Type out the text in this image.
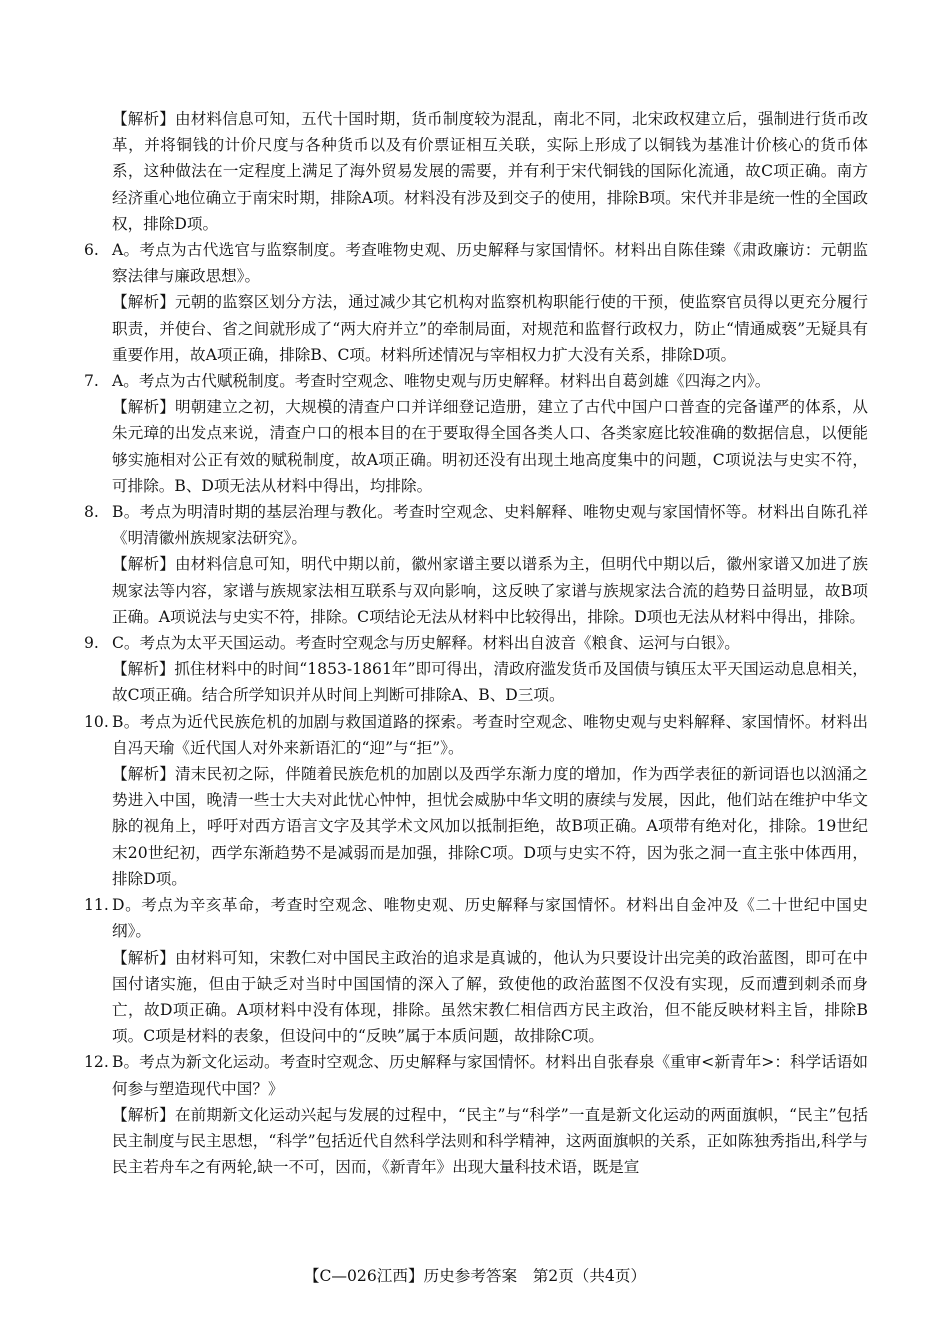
【解析】由材料信息可知，五代十国时期，货币制度较为混乱，南北不同，北宋政权建立后，强制进行货币改革，并将铜钱的计价尺度与各种货币以及有价票证相互关联，实际上形成了以铜钱为基准计价核心的货币体系，这种做法在一定程度上满足了海外贸易发展的需要，并有利于宋代铜钱的国际化流通，故C项正确。南方经济重心地位确立于南宋时期，排除A项。材料没有涉及到交子的使用，排除B项。宋代并非是统一性的全国政权，排除D项。

6. A。考点为古代选官与监察制度。考查唯物史观、历史解释与家国情怀。材料出自陈佳臻《肃政廉访：元朝监察法律与廉政思想》。

【解析】元朝的监察区划分方法，通过减少其它机构对监察机构职能行使的干预，使监察官员得以更充分履行职责，并使台、省之间就形成了“两大府并立”的牵制局面，对规范和监督行政权力，防止“情通威亵”无疑具有重要作用，故A项正确，排除B、C项。材料所述情况与宰相权力扩大没有关系，排除D项。

7. A。考点为古代赋税制度。考查时空观念、唯物史观与历史解释。材料出自葛剑雄《四海之内》。

【解析】明朝建立之初，大规模的清查户口并详细登记造册，建立了古代中国户口普查的完备谨严的体系，从朱元璋的出发点来说，清查户口的根本目的在于要取得全国各类人口、各类家庭比较准确的数据信息，以便能够实施相对公正有效的赋税制度，故A项正确。明初还没有出现土地高度集中的问题，C项说法与史实不符，可排除。B、D项无法从材料中得出，均排除。

8. B。考点为明清时期的基层治理与教化。考查时空观念、史料解释、唯物史观与家国情怀等。材料出自陈孔祥《明清徽州族规家法研究》。

【解析】由材料信息可知，明代中期以前，徽州家谱主要以谱系为主，但明代中期以后，徽州家谱又加进了族规家法等内容，家谱与族规家法相互联系与双向影响，这反映了家谱与族规家法合流的趋势日益明显，故B项正确。A项说法与史实不符，排除。C项结论无法从材料中比较得出，排除。D项也无法从材料中得出，排除。

9. C。考点为太平天国运动。考查时空观念与历史解释。材料出自波音《粮食、运河与白银》。

【解析】抓住材料中的时间“1853-1861年”即可得出，清政府滥发货币及国债与镇压太平天国运动息息相关，故C项正确。结合所学知识并从时间上判断可排除A、B、D三项。

10. B。考点为近代民族危机的加剧与救国道路的探索。考查时空观念、唯物史观与史料解释、家国情怀。材料出自冯天瑜《近代国人对外来新语汇的“迎”与“拒”》。

【解析】清末民初之际，伴随着民族危机的加剧以及西学东渐力度的增加，作为西学表征的新词语也以汹涌之势进入中国，晚清一些士大夫对此忧心忡忡，担忧会威胁中华文明的赓续与发展，因此，他们站在维护中华文脉的视角上，呼吁对西方语言文字及其学术文风加以抵制拒绝，故B项正确。A项带有绝对化，排除。19世纪末20世纪初，西学东渐趋势不是减弱而是加强，排除C项。D项与史实不符，因为张之洞一直主张中体西用，排除D项。

11. D。考点为辛亥革命，考查时空观念、唯物史观、历史解释与家国情怀。材料出自金冲及《二十世纪中国史纲》。

【解析】由材料可知，宋教仁对中国民主政治的追求是真诚的，他认为只要设计出完美的政治蓝图，即可在中国付诸实施，但由于缺乏对当时中国国情的深入了解，致使他的政治蓝图不仅没有实现，反而遭到刺杀而身亡，故D项正确。A项材料中没有体现，排除。虽然宋教仁相信西方民主政治，但不能反映材料主旨，排除B项。C项是材料的表象，但设问中的“反映”属于本质问题，故排除C项。

12. B。考点为新文化运动。考查时空观念、历史解释与家国情怀。材料出自张春泉《重审<新青年>：科学话语如何参与塑造现代中国？》

【解析】在前期新文化运动兴起与发展的过程中，“民主”与“科学”一直是新文化运动的两面旗帜，“民主”包括民主制度与民主思想，“科学”包括近代自然科学法则和科学精神，这两面旗帜的关系，正如陈独秀指出,科学与民主若舟车之有两轮,缺一不可，因而，《新青年》出现大量科技术语，既是宣

【C—026江西】历史参考答案　第2页（共4页）
